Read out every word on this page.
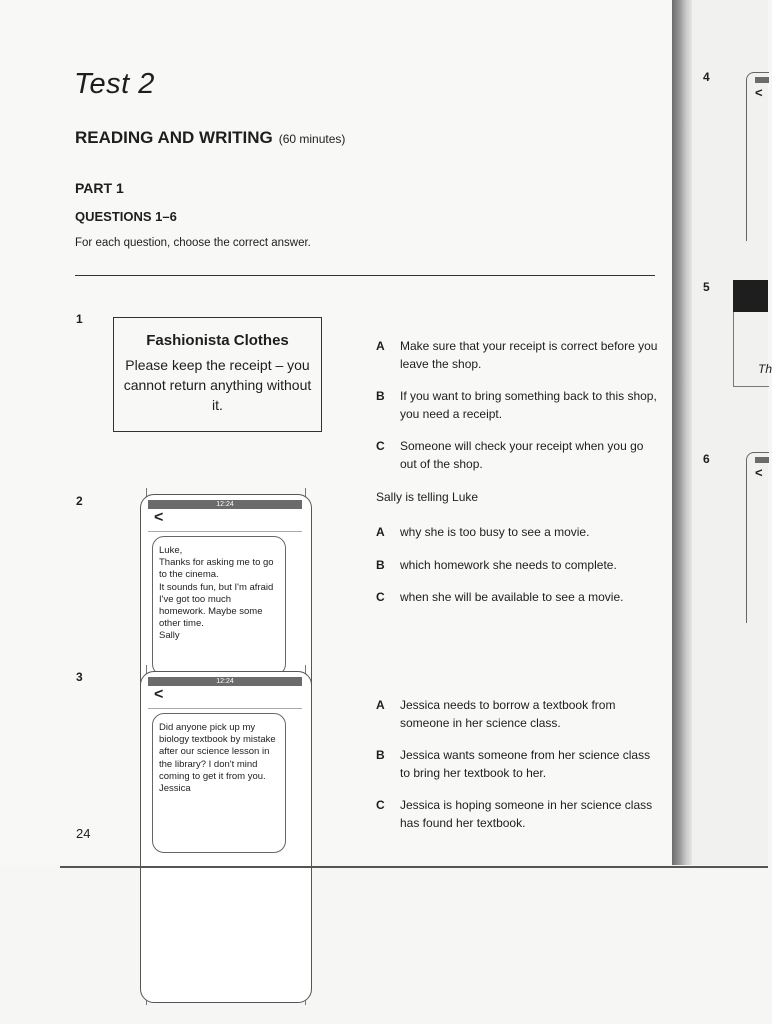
Test 2
READING AND WRITING (60 minutes)
PART 1
QUESTIONS 1–6
For each question, choose the correct answer.
1
Fashionista Clothes
Please keep the receipt – you cannot return anything without it.
A	Make sure that your receipt is correct before you leave the shop.
B	If you want to bring something back to this shop, you need a receipt.
C	Someone will check your receipt when you go out of the shop.
2	12:24
<
Luke,
Thanks for asking me to go to the cinema.
It sounds fun, but I'm afraid I've got too much homework. Maybe some other time.
Sally
Sally is telling Luke
A	why she is too busy to see a movie.
B	which homework she needs to complete.
C	when she will be available to see a movie.
3	12:24
<
Did anyone pick up my biology textbook by mistake after our science lesson in the library? I don't mind coming to get it from you.
Jessica
A	Jessica needs to borrow a textbook from someone in her science class.
B	Jessica wants someone from her science class to bring her textbook to her.
C	Jessica is hoping someone in her science class has found her textbook.
24
4
5
6
<
Th
<
